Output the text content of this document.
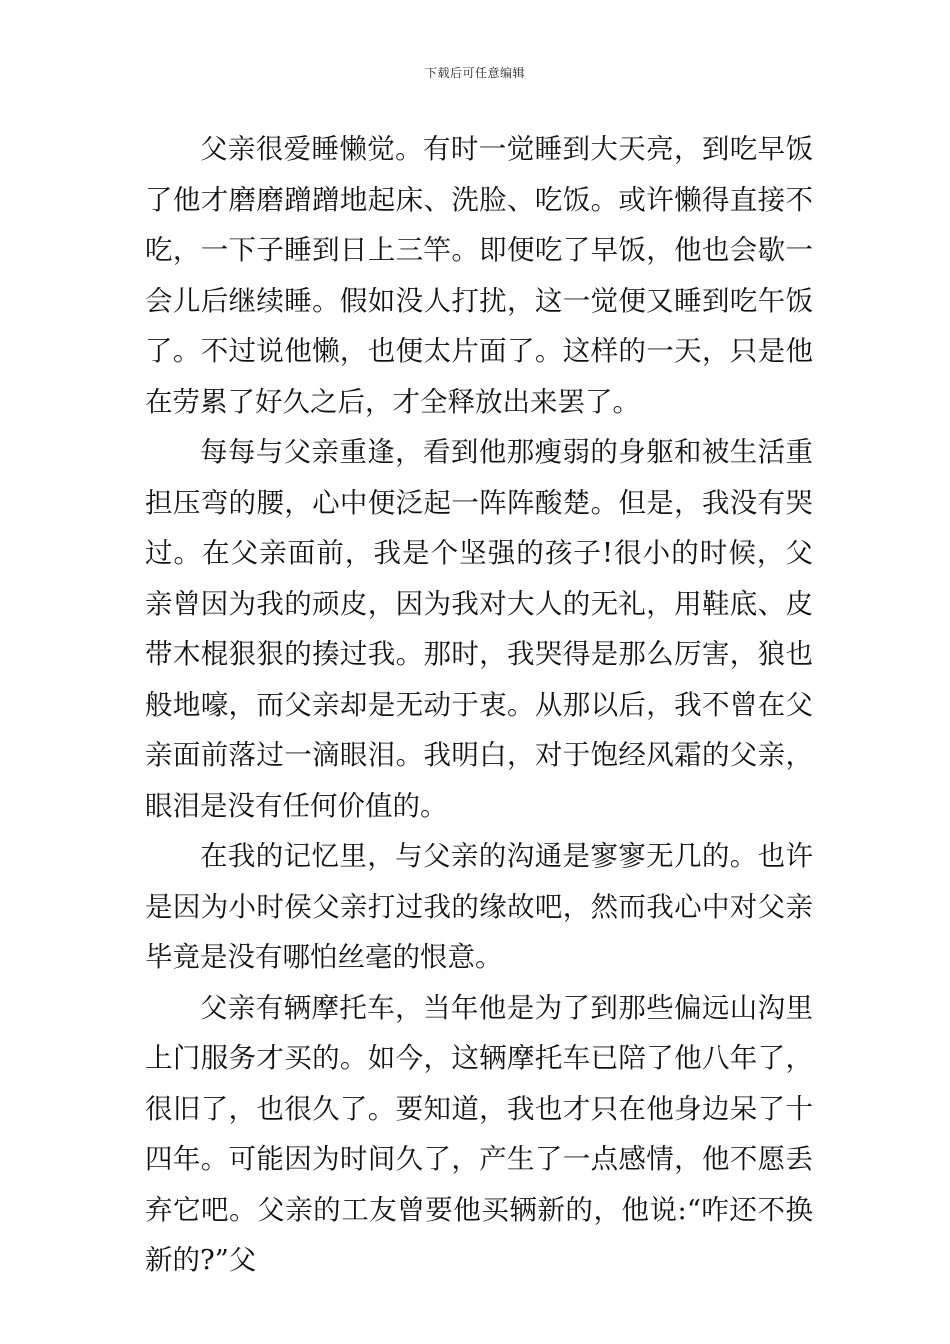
下载后可任意编辑

父亲很爱睡懒觉。有时一觉睡到大天亮，到吃早饭了他才磨磨蹭蹭地起床、洗脸、吃饭。或许懒得直接不吃，一下子睡到日上三竿。即便吃了早饭，他也会歇一会儿后继续睡。假如没人打扰，这一觉便又睡到吃午饭了。不过说他懒，也便太片面了。这样的一天，只是他在劳累了好久之后，才全释放出来罢了。

每每与父亲重逢，看到他那瘦弱的身躯和被生活重担压弯的腰，心中便泛起一阵阵酸楚。但是，我没有哭过。在父亲面前，我是个坚强的孩子!很小的时候，父亲曾因为我的顽皮，因为我对大人的无礼，用鞋底、皮带木棍狠狠的揍过我。那时，我哭得是那么厉害，狼也般地嚎，而父亲却是无动于衷。从那以后，我不曾在父亲面前落过一滴眼泪。我明白，对于饱经风霜的父亲，眼泪是没有任何价值的。

在我的记忆里，与父亲的沟通是寥寥无几的。也许是因为小时侯父亲打过我的缘故吧，然而我心中对父亲毕竟是没有哪怕丝毫的恨意。

父亲有辆摩托车，当年他是为了到那些偏远山沟里上门服务才买的。如今，这辆摩托车已陪了他八年了，很旧了，也很久了。要知道，我也才只在他身边呆了十四年。可能因为时间久了，产生了一点感情，他不愿丢弃它吧。父亲的工友曾要他买辆新的，他说:“咋还不换新的?”父
